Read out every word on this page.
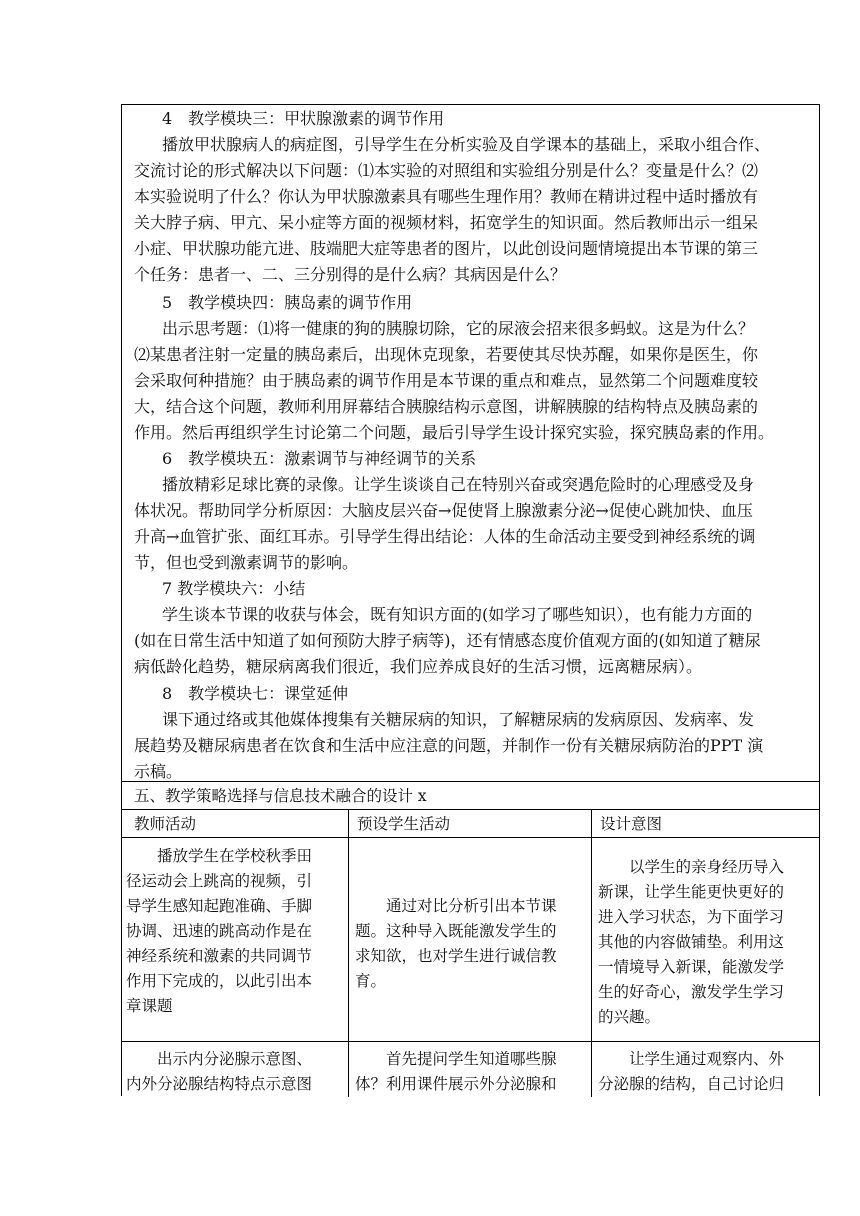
4　教学模块三：甲状腺激素的调节作用
播放甲状腺病人的病症图，引导学生在分析实验及自学课本的基础上，采取小组合作、
交流讨论的形式解决以下问题：⑴本实验的对照组和实验组分别是什么？变量是什么？⑵
本实验说明了什么？你认为甲状腺激素具有哪些生理作用？教师在精讲过程中适时播放有
关大脖子病、甲亢、呆小症等方面的视频材料，拓宽学生的知识面。然后教师出示一组呆
小症、甲状腺功能亢进、肢端肥大症等患者的图片，以此创设问题情境提出本节课的第三
个任务：患者一、二、三分别得的是什么病？其病因是什么？
5　教学模块四：胰岛素的调节作用
出示思考题：⑴将一健康的狗的胰腺切除，它的尿液会招来很多蚂蚁。这是为什么？
⑵某患者注射一定量的胰岛素后，出现休克现象，若要使其尽快苏醒，如果你是医生，你
会采取何种措施？由于胰岛素的调节作用是本节课的重点和难点，显然第二个问题难度较
大，结合这个问题，教师利用屏幕结合胰腺结构示意图，讲解胰腺的结构特点及胰岛素的
作用。然后再组织学生讨论第二个问题，最后引导学生设计探究实验，探究胰岛素的作用。
6　教学模块五：激素调节与神经调节的关系
播放精彩足球比赛的录像。让学生谈谈自己在特别兴奋或突遇危险时的心理感受及身
体状况。帮助同学分析原因：大脑皮层兴奋→促使肾上腺激素分泌→促使心跳加快、血压
升高→血管扩张、面红耳赤。引导学生得出结论：人体的生命活动主要受到神经系统的调
节，但也受到激素调节的影响。
7 教学模块六：小结
学生谈本节课的收获与体会，既有知识方面的(如学习了哪些知识），也有能力方面的
(如在日常生活中知道了如何预防大脖子病等)，还有情感态度价值观方面的(如知道了糖尿
病低龄化趋势，糖尿病离我们很近，我们应养成良好的生活习惯，远离糖尿病）。
8　教学模块七：课堂延伸
课下通过络或其他媒体搜集有关糖尿病的知识，了解糖尿病的发病原因、发病率、发
展趋势及糖尿病患者在饮食和生活中应注意的问题，并制作一份有关糖尿病防治的PPT 演
示稿。
五、教学策略选择与信息技术融合的设计 x
教师活动	预设学生活动	设计意图
　　播放学生在学校秋季田
径运动会上跳高的视频，引
导学生感知起跑准确、手脚
协调、迅速的跳高动作是在
神经系统和激素的共同调节
作用下完成的，以此引出本
章课题
　　通过对比分析引出本节课
题。这种导入既能激发学生的
求知欲，也对学生进行诚信教
育。
　　以学生的亲身经历导入
新课，让学生能更快更好的
进入学习状态，为下面学习
其他的内容做铺垫。利用这
一情境导入新课，能激发学
生的好奇心，激发学生学习
的兴趣。
　　出示内分泌腺示意图、
内外分泌腺结构特点示意图
　　首先提问学生知道哪些腺
体？利用课件展示外分泌腺和
　　让学生通过观察内、外
分泌腺的结构，自己讨论归
